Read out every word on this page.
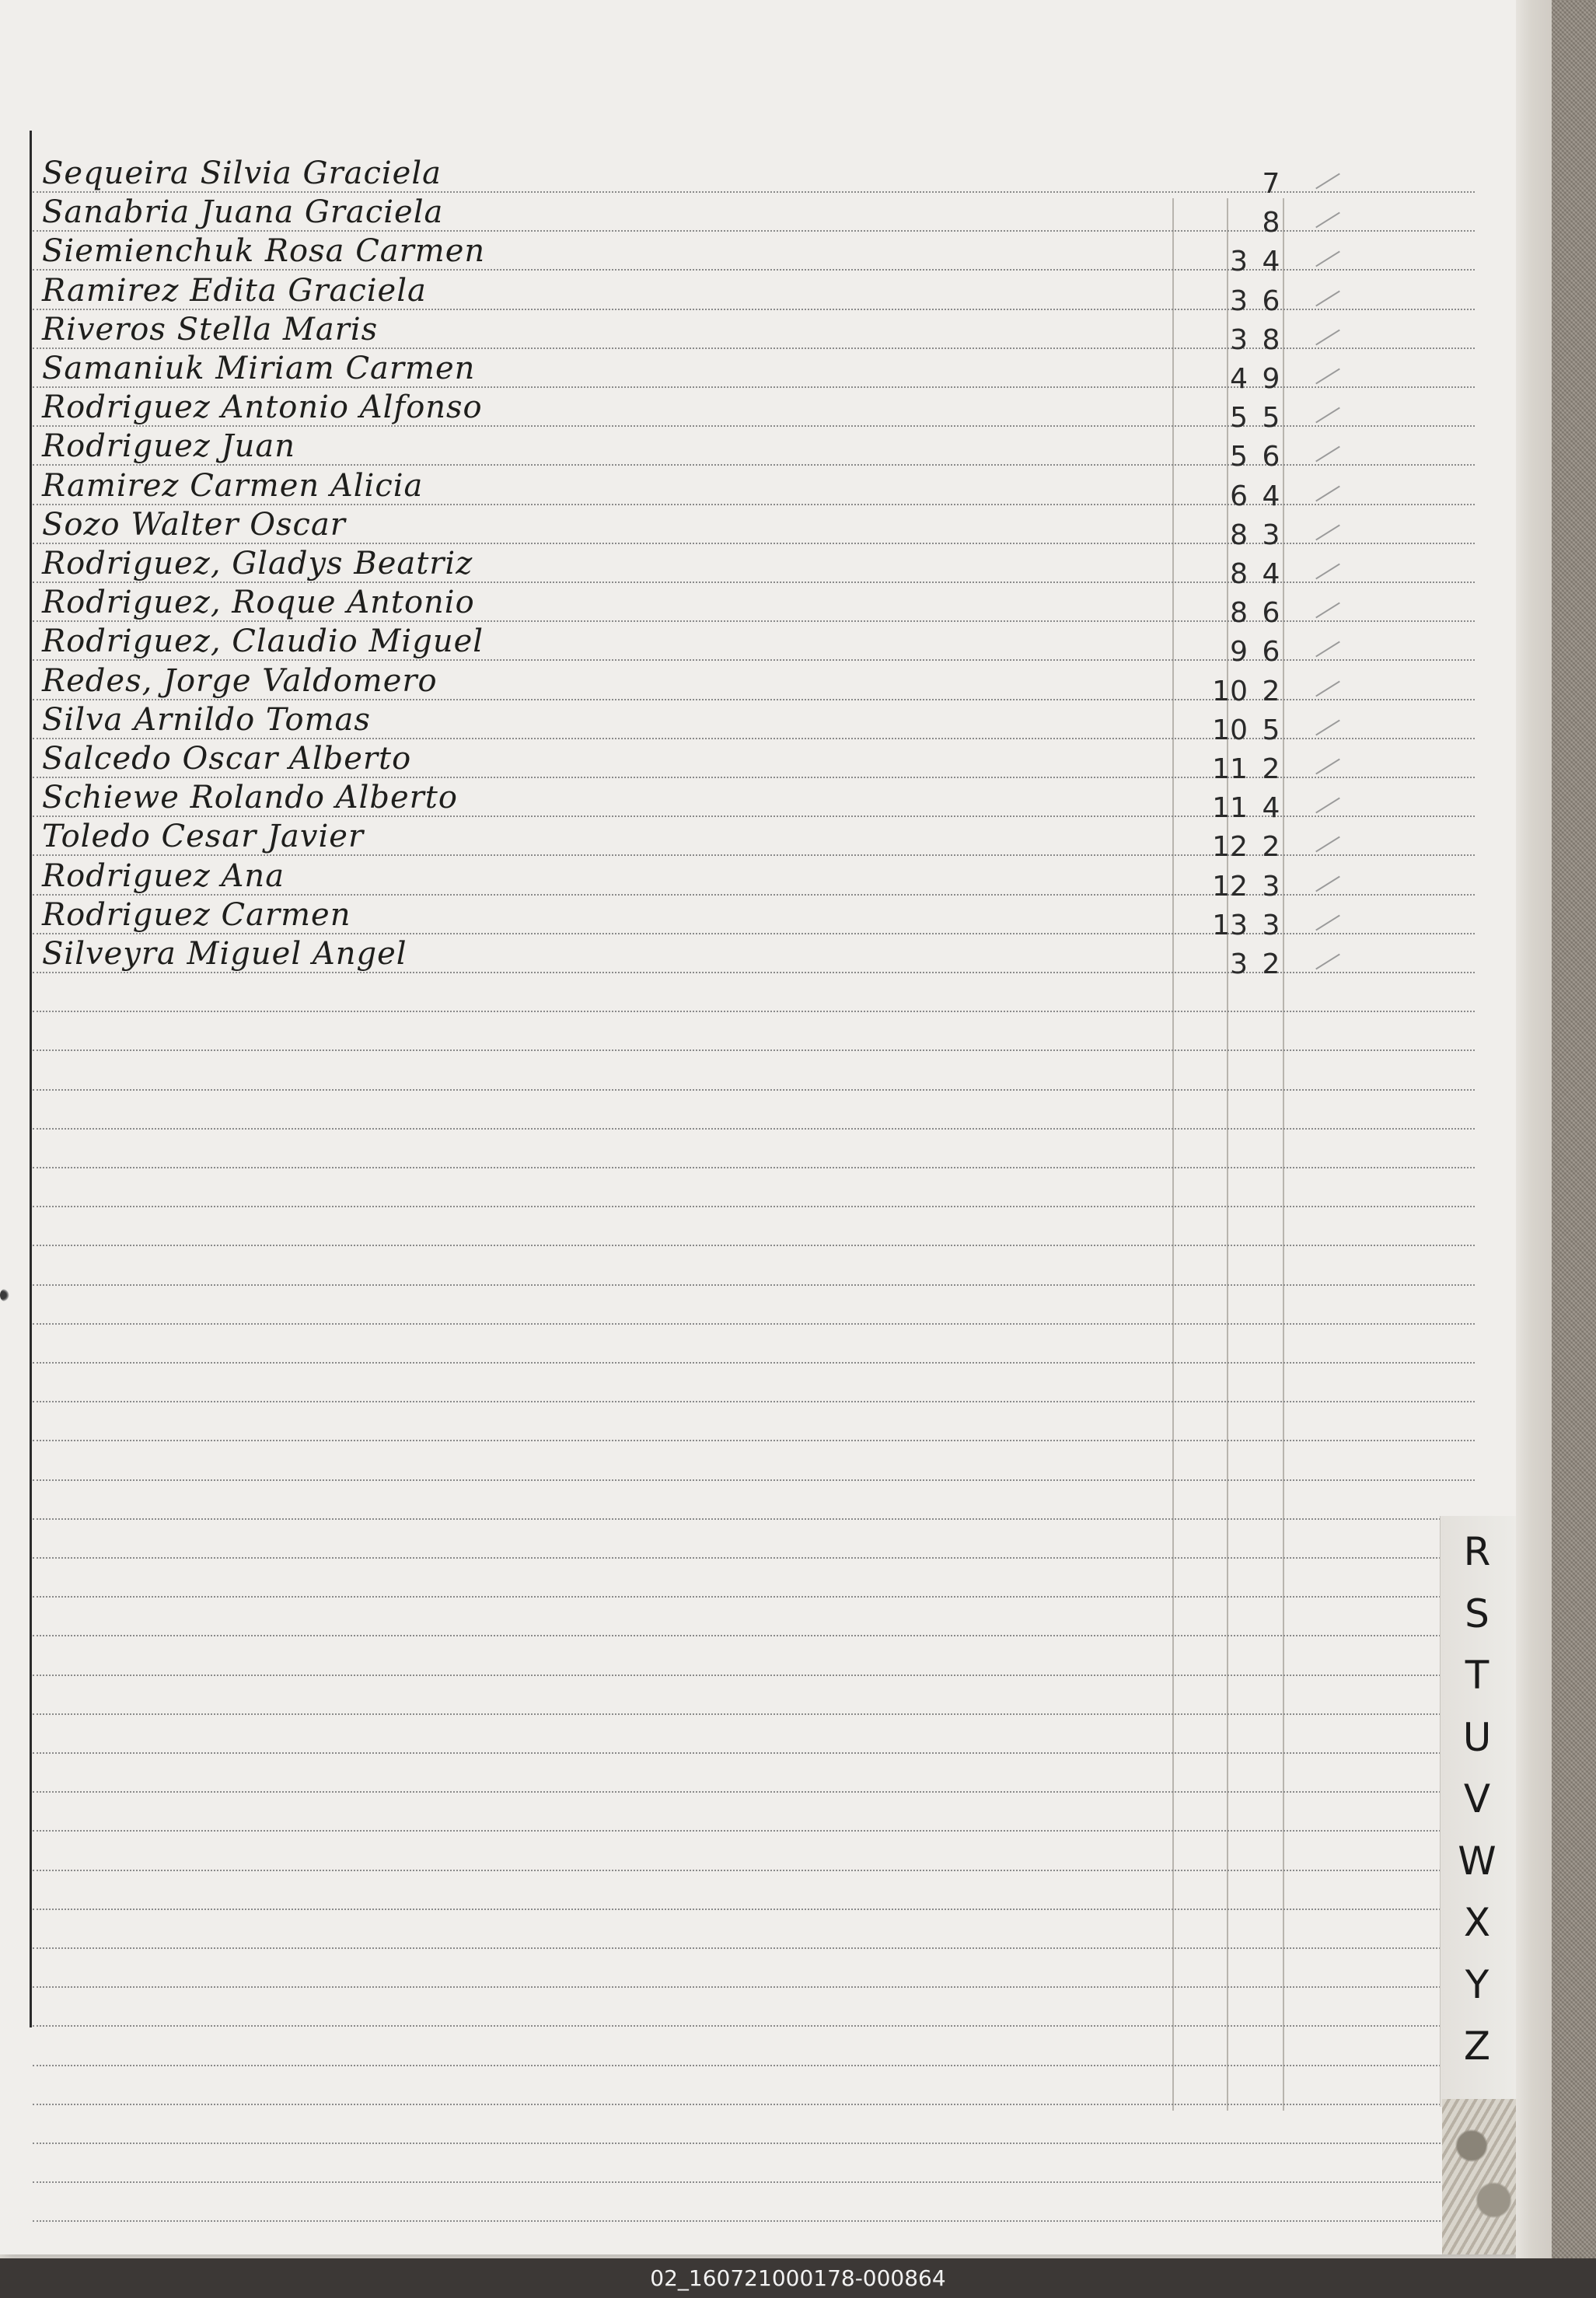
Sequeira Silvia Graciela	7
Sanabria Juana Graciela	8
Siemienchuk Rosa Carmen	3 4
Ramirez Edita Graciela	3 6
Riveros Stella Maris	3 8
Samaniuk Miriam Carmen	4 9
Rodriguez Antonio Alfonso	5 5
Rodriguez Juan	5 6
Ramirez Carmen Alicia	6 4
Sozo Walter Oscar	8 3
Rodriguez, Gladys Beatriz	8 4
Rodriguez, Roque Antonio	8 6
Rodriguez, Claudio Miguel	9 6
Redes, Jorge Valdomero	10 2
Silva Arnildo Tomas	10 5
Salcedo Oscar Alberto	11 2
Schiewe Rolando Alberto	11 4
Toledo Cesar Javier	12 2
Rodriguez Ana	12 3
Rodriguez Carmen	13 3
Silveyra Miguel Angel	3 2
R
S
T
U
V
W
X
Y
Z
02_160721000178-000864
